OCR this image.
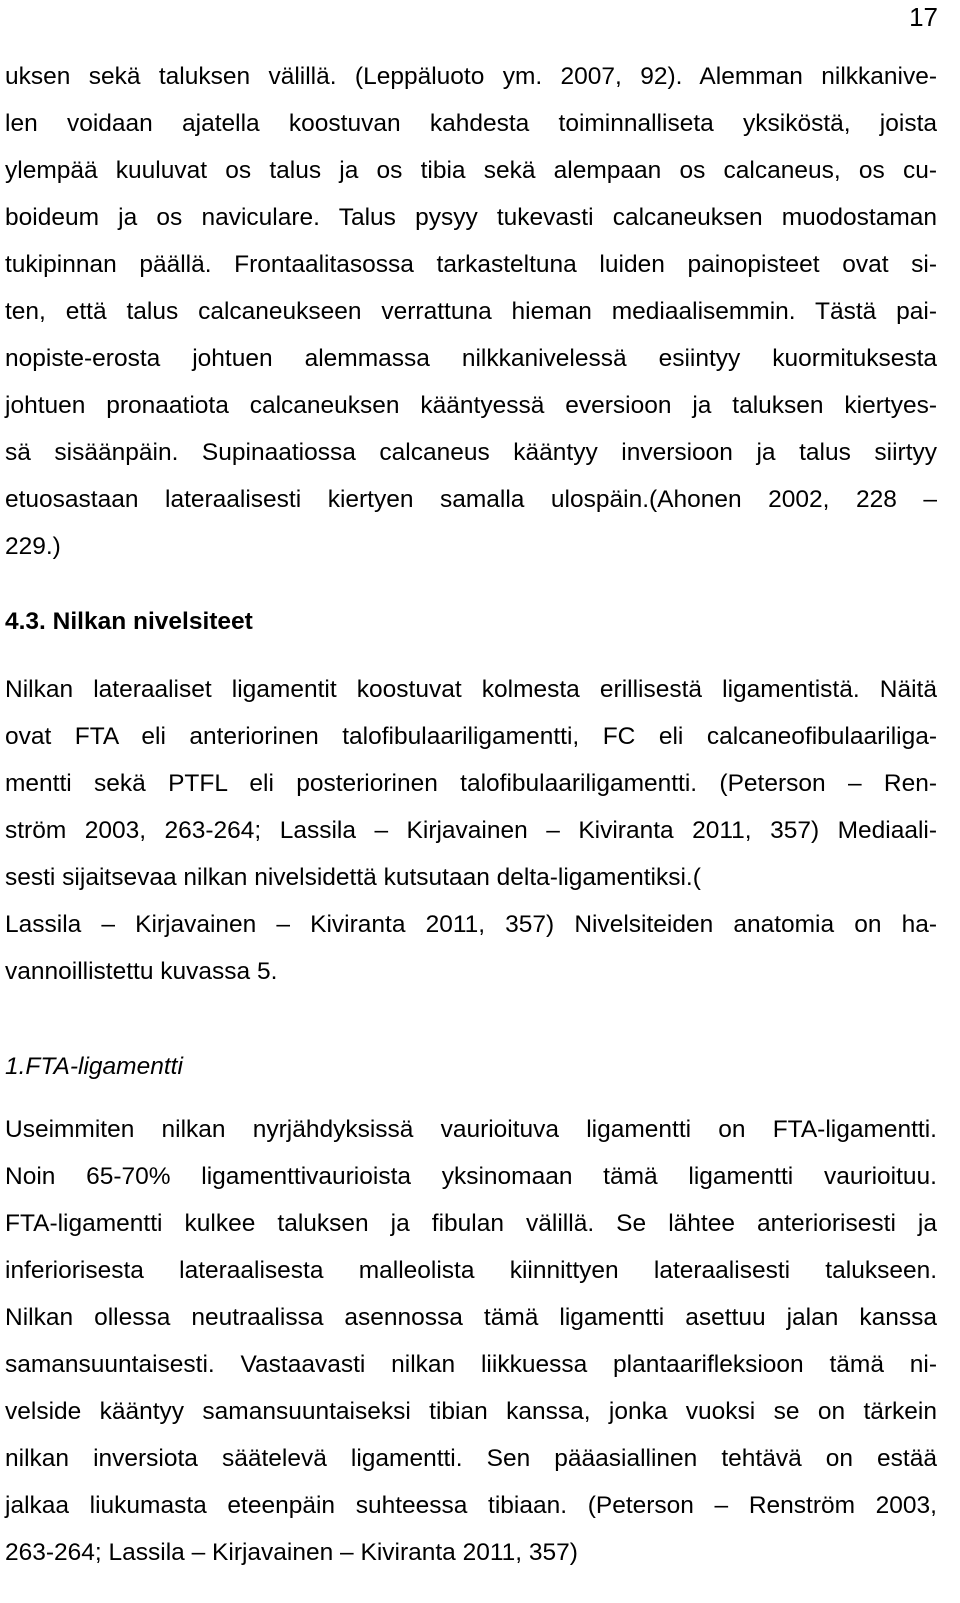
17
uksen sekä taluksen välillä. (Leppäluoto ym. 2007, 92). Alemman nilkkanive-
len voidaan ajatella koostuvan kahdesta toiminnalliseta yksiköstä, joista
ylempää kuuluvat os talus ja os tibia sekä alempaan os calcaneus, os cu-
boideum ja os naviculare. Talus pysyy tukevasti calcaneuksen muodostaman
tukipinnan päällä. Frontaalitasossa tarkasteltuna luiden painopisteet ovat si-
ten, että talus calcaneukseen verrattuna hieman mediaalisemmin. Tästä pai-
nopiste-erosta johtuen alemmassa nilkkanivelessä esiintyy kuormituksesta
johtuen pronaatiota calcaneuksen kääntyessä eversioon ja taluksen kiertyes-
sä sisäänpäin. Supinaatiossa calcaneus kääntyy inversioon ja talus siirtyy
etuosastaan lateraalisesti kiertyen samalla ulospäin.(Ahonen 2002, 228 –
229.)
4.3. Nilkan nivelsiteet
Nilkan lateraaliset ligamentit koostuvat kolmesta erillisestä ligamentistä. Näitä
ovat FTA eli anteriorinen talofibulaariligamentti, FC eli calcaneofibulaariliga-
mentti sekä PTFL eli posteriorinen talofibulaariligamentti. (Peterson – Ren-
ström 2003, 263-264; Lassila – Kirjavainen – Kiviranta 2011, 357) Mediaali-
sesti sijaitsevaa nilkan nivelsidettä kutsutaan delta-ligamentiksi.(
Lassila – Kirjavainen – Kiviranta 2011, 357) Nivelsiteiden anatomia on ha-
vannoillistettu kuvassa 5.
1.FTA-ligamentti
Useimmiten nilkan nyrjähdyksissä vaurioituva ligamentti on FTA-ligamentti.
Noin 65-70% ligamenttivaurioista yksinomaan tämä ligamentti vaurioituu.
FTA-ligamentti kulkee taluksen ja fibulan välillä. Se lähtee anteriorisesti ja
inferiorisesta lateraalisesta malleolista kiinnittyen lateraalisesti talukseen.
Nilkan ollessa neutraalissa asennossa tämä ligamentti asettuu jalan kanssa
samansuuntaisesti. Vastaavasti nilkan liikkuessa plantaarifleksioon tämä ni-
velside kääntyy samansuuntaiseksi tibian kanssa, jonka vuoksi se on tärkein
nilkan inversiota säätelevä ligamentti. Sen pääasiallinen tehtävä on estää
jalkaa liukumasta eteenpäin suhteessa tibiaan. (Peterson – Renström 2003,
263-264; Lassila – Kirjavainen – Kiviranta 2011, 357)
